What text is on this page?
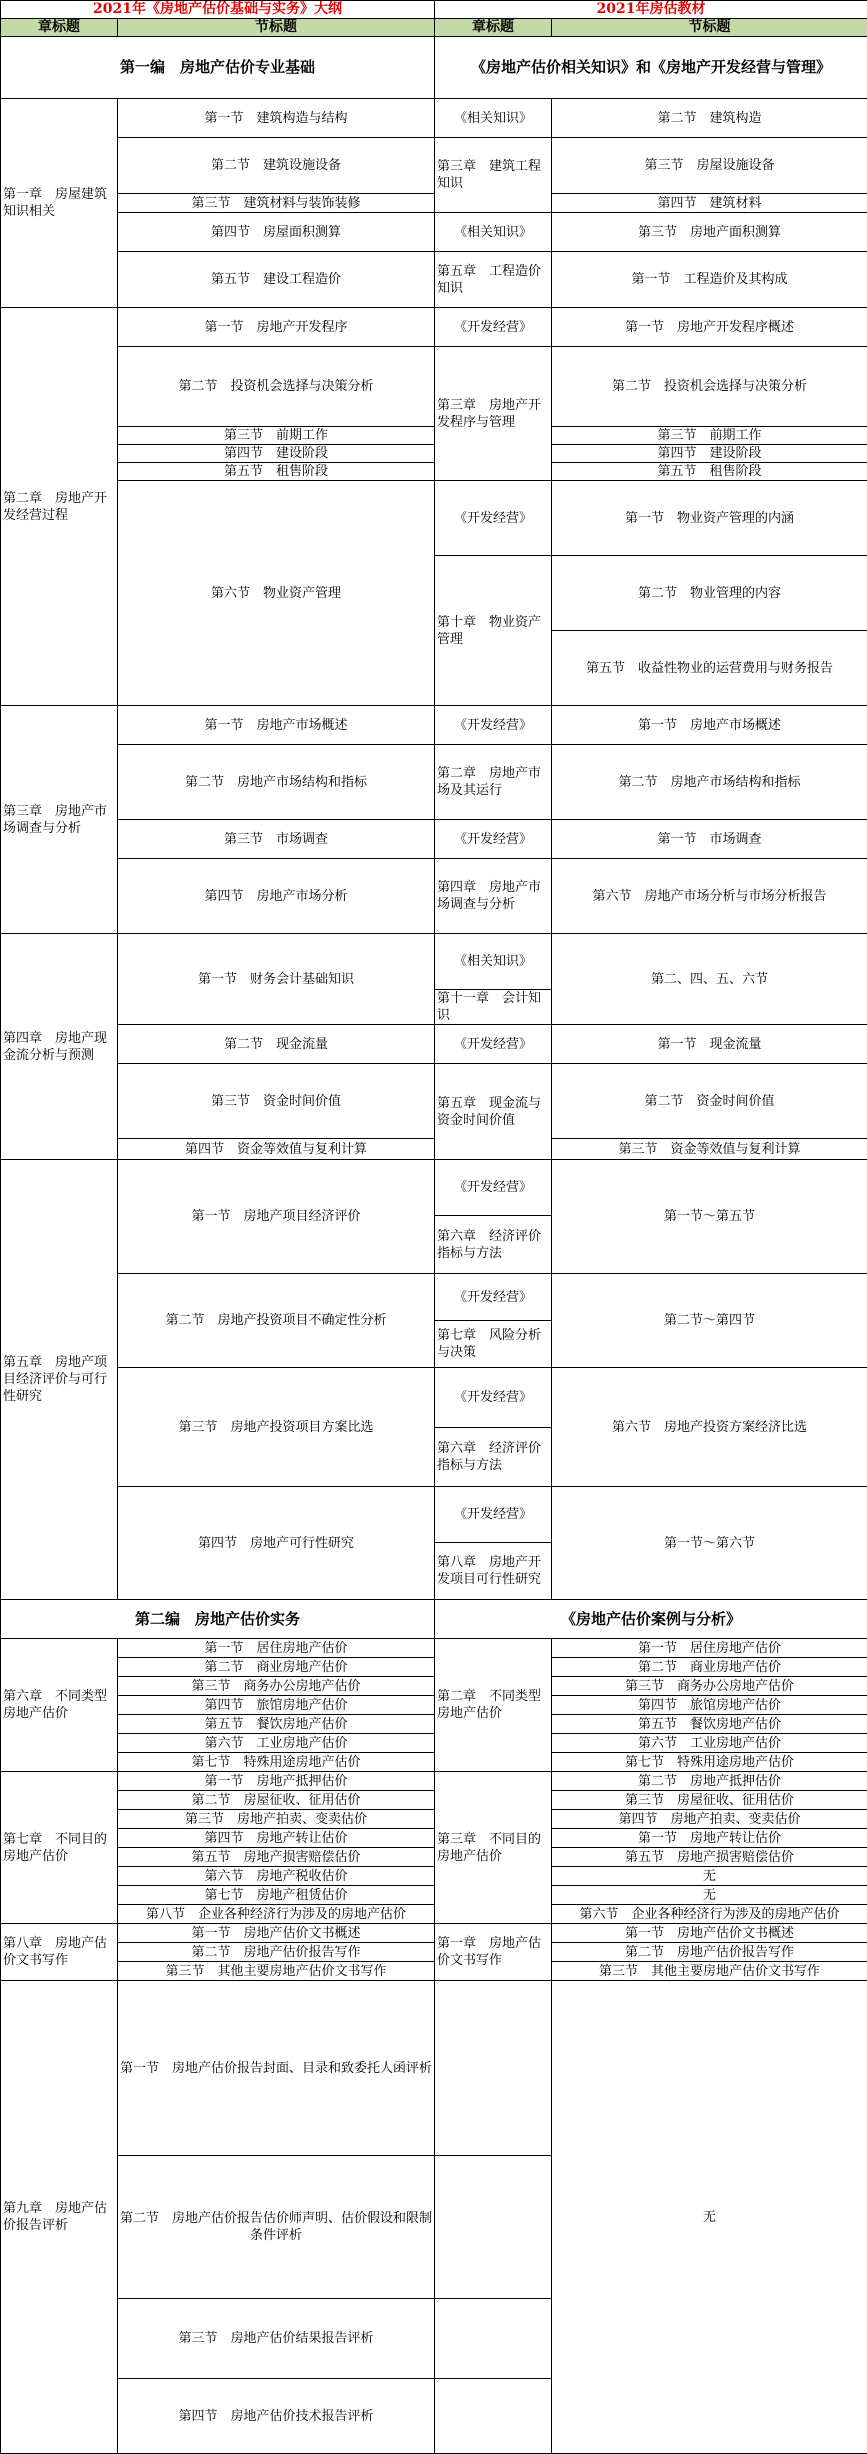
2021年《房地产估价基础与实务》大纲		2021年房估教材	
章标题	节标题	章标题	节标题
第一编　房地产估价专业基础		《房地产估价相关知识》和《房地产开发经营与管理》	
第一章　房屋建筑知识相关	第一节　建筑构造与结构	《相关知识》	第二节　建筑构造
	第二节　建筑设施设备	第三章　建筑工程知识	第三节　房屋设施设备
	第三节　建筑材料与装饰装修		第四节　建筑材料
	第四节　房屋面积测算	《相关知识》	第三节　房地产面积测算
	第五节　建设工程造价	第五章　工程造价知识	第一节　工程造价及其构成
第二章　房地产开发经营过程	第一节　房地产开发程序	《开发经营》	第一节　房地产开发程序概述
	第二节　投资机会选择与决策分析	第三章　房地产开发程序与管理	第二节　投资机会选择与决策分析
	第三节　前期工作		第三节　前期工作
	第四节　建设阶段		第四节　建设阶段
	第五节　租售阶段		第五节　租售阶段
	第六节　物业资产管理	《开发经营》	第一节　物业资产管理的内涵
		第十章　物业资产管理	第二节　物业管理的内容
			第五节　收益性物业的运营费用与财务报告
第三章　房地产市场调查与分析	第一节　房地产市场概述	《开发经营》	第一节　房地产市场概述
	第二节　房地产市场结构和指标	第二章　房地产市场及其运行	第二节　房地产市场结构和指标
	第三节　市场调查	《开发经营》	第一节　市场调查
	第四节　房地产市场分析	第四章　房地产市场调查与分析	第六节　房地产市场分析与市场分析报告
第四章　房地产现金流分析与预测	第一节　财务会计基础知识	《相关知识》	第二、四、五、六节
		第十一章　会计知识	
	第二节　现金流量	《开发经营》	第一节　现金流量
	第三节　资金时间价值	第五章　现金流与资金时间价值	第二节　资金时间价值
	第四节　资金等效值与复利计算		第三节　资金等效值与复利计算
第五章　房地产项目经济评价与可行性研究	第一节　房地产项目经济评价	《开发经营》	第一节～第五节
		第六章　经济评价指标与方法	
	第二节　房地产投资项目不确定性分析	《开发经营》	第二节～第四节
		第七章　风险分析与决策	
	第三节　房地产投资项目方案比选	《开发经营》	第六节　房地产投资方案经济比选
		第六章　经济评价指标与方法	
	第四节　房地产可行性研究	《开发经营》	第一节～第六节
		第八章　房地产开发项目可行性研究	
第二编　房地产估价实务		《房地产估价案例与分析》	
第六章　不同类型房地产估价	第一节　居住房地产估价	第二章　不同类型房地产估价	第一节　居住房地产估价
	第二节　商业房地产估价		第二节　商业房地产估价
	第三节　商务办公房地产估价		第三节　商务办公房地产估价
	第四节　旅馆房地产估价		第四节　旅馆房地产估价
	第五节　餐饮房地产估价		第五节　餐饮房地产估价
	第六节　工业房地产估价		第六节　工业房地产估价
	第七节　特殊用途房地产估价		第七节　特殊用途房地产估价
第七章　不同目的房地产估价	第一节　房地产抵押估价	第三章　不同目的房地产估价	第二节　房地产抵押估价
	第二节　房屋征收、征用估价		第三节　房屋征收、征用估价
	第三节　房地产拍卖、变卖估价		第四节　房地产拍卖、变卖估价
	第四节　房地产转让估价		第一节　房地产转让估价
	第五节　房地产损害赔偿估价		第五节　房地产损害赔偿估价
	第六节　房地产税收估价		无
	第七节　房地产租赁估价		无
	第八节　企业各种经济行为涉及的房地产估价		第六节　企业各种经济行为涉及的房地产估价
第八章　房地产估价文书写作	第一节　房地产估价文书概述	第一章　房地产估价文书写作	第一节　房地产估价文书概述
	第二节　房地产估价报告写作		第二节　房地产估价报告写作
	第三节　其他主要房地产估价文书写作		第三节　其他主要房地产估价文书写作
第九章　房地产估价报告评析	第一节　房地产估价报告封面、目录和致委托人函评析		无
	第二节　房地产估价报告估价师声明、估价假设和限制条件评析		
	第三节　房地产估价结果报告评析		
	第四节　房地产估价技术报告评析		
